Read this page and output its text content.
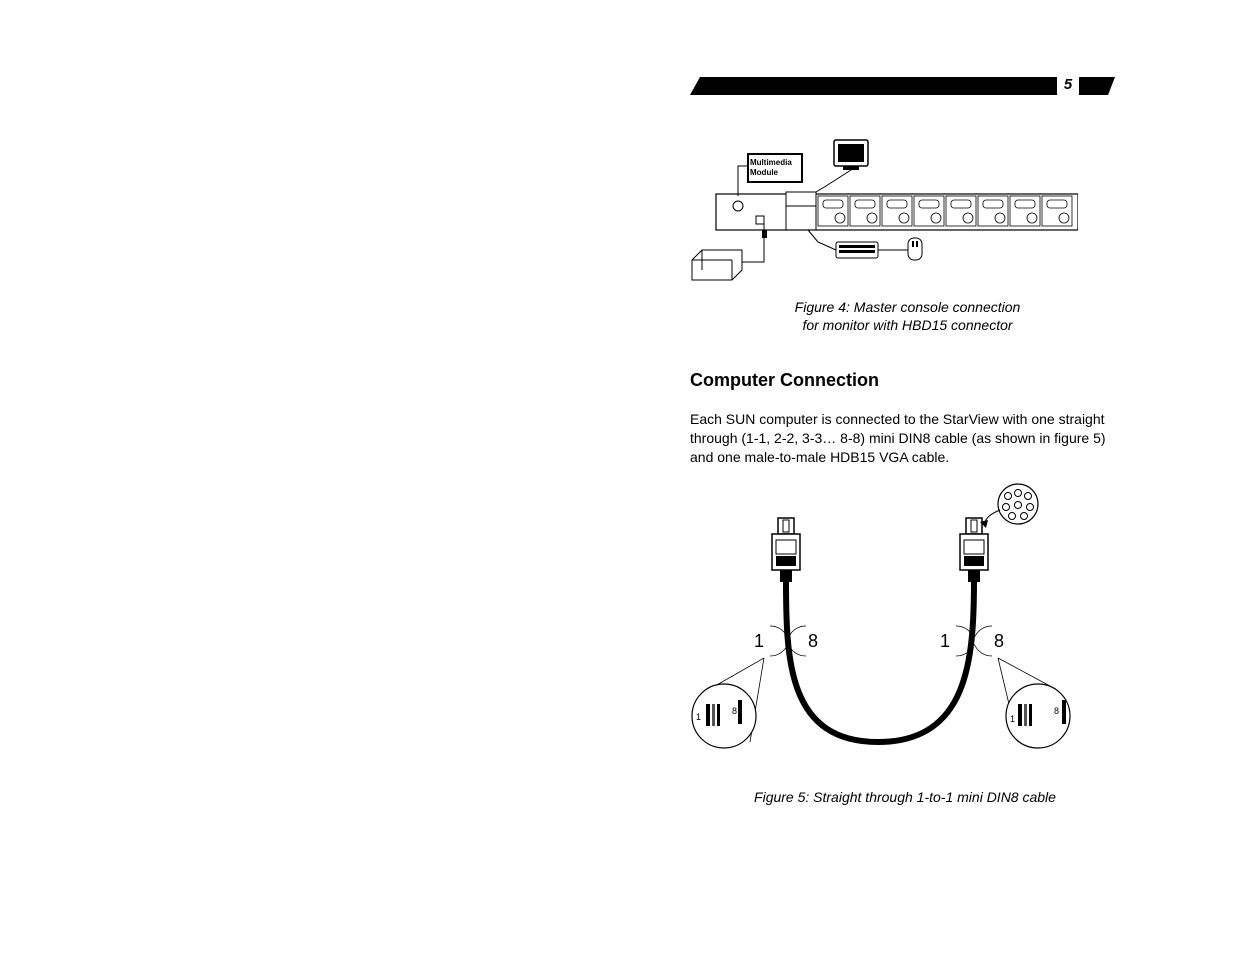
5
Multimedia
Module
Figure 4: Master console connection
for monitor with HBD15 connector
Computer Connection
Each SUN computer is connected to the StarView with one straight
through (1-1, 2-2, 3-3… 8-8) mini DIN8 cable (as shown in figure 5)
and one male-to-male HDB15 VGA cable.
1 8	1 8
1
8
1
8
Figure 5: Straight through 1-to-1 mini DIN8 cable
